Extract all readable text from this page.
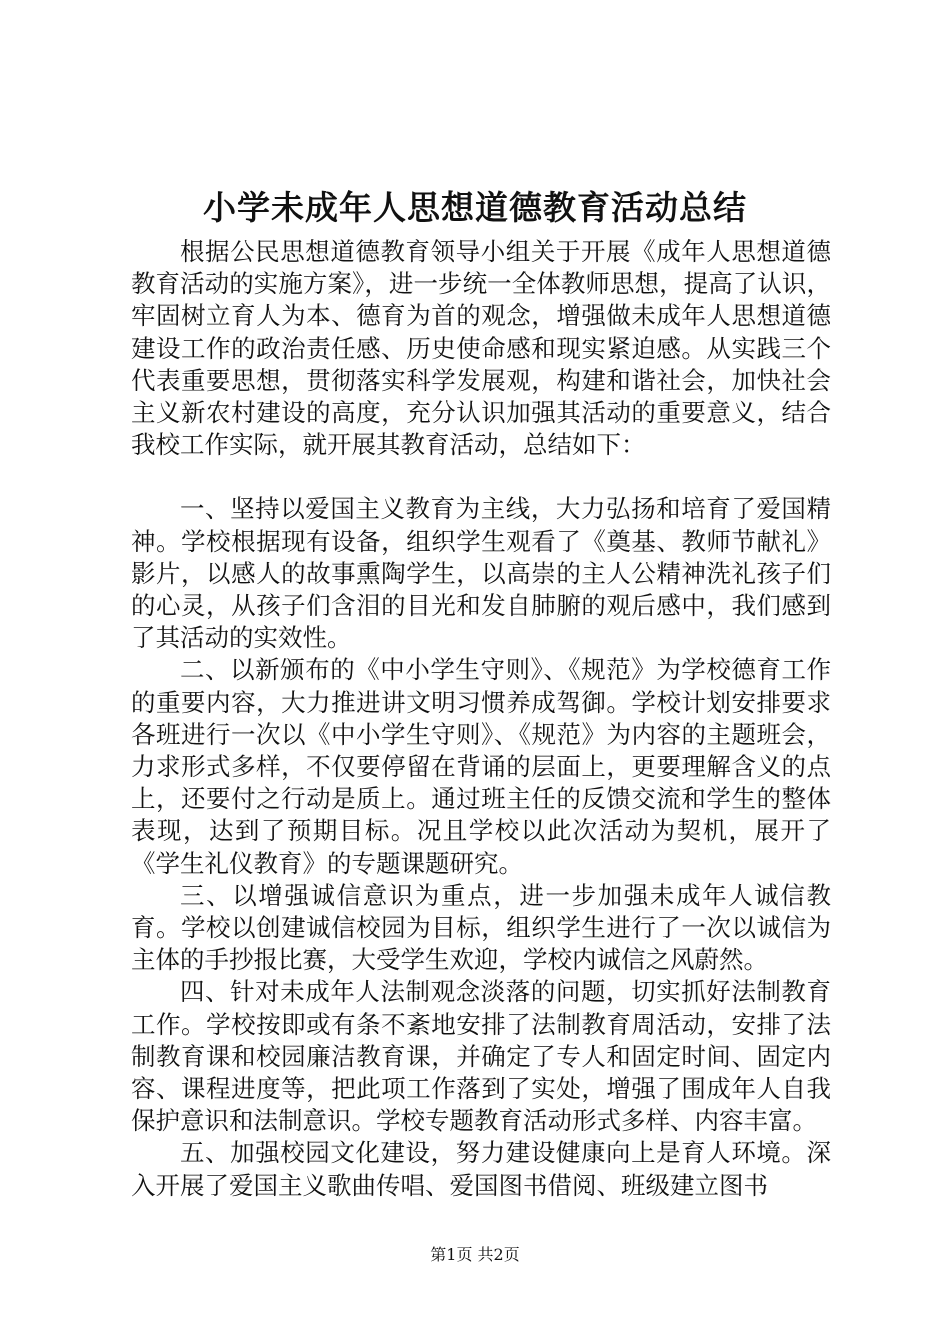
小学未成年人思想道德教育活动总结

根据公民思想道德教育领导小组关于开展《成年人思想道德教育活动的实施方案》，进一步统一全体教师思想，提高了认识，牢固树立育人为本、德育为首的观念，增强做未成年人思想道德建设工作的政治责任感、历史使命感和现实紧迫感。从实践三个代表重要思想，贯彻落实科学发展观，构建和谐社会，加快社会主义新农村建设的高度，充分认识加强其活动的重要意义，结合我校工作实际，就开展其教育活动，总结如下：

一、坚持以爱国主义教育为主线，大力弘扬和培育了爱国精神。学校根据现有设备，组织学生观看了《奠基、教师节献礼》影片，以感人的故事熏陶学生，以高崇的主人公精神洗礼孩子们的心灵，从孩子们含泪的目光和发自肺腑的观后感中，我们感到了其活动的实效性。

二、以新颁布的《中小学生守则》、《规范》为学校德育工作的重要内容，大力推进讲文明习惯养成驾御。学校计划安排要求各班进行一次以《中小学生守则》、《规范》为内容的主题班会，力求形式多样，不仅要停留在背诵的层面上，更要理解含义的点上，还要付之行动是质上。通过班主任的反馈交流和学生的整体表现，达到了预期目标。况且学校以此次活动为契机，展开了《学生礼仪教育》的专题课题研究。

三、以增强诚信意识为重点，进一步加强未成年人诚信教育。学校以创建诚信校园为目标，组织学生进行了一次以诚信为主体的手抄报比赛，大受学生欢迎，学校内诚信之风蔚然。

四、针对未成年人法制观念淡落的问题，切实抓好法制教育工作。学校按即或有条不紊地安排了法制教育周活动，安排了法制教育课和校园廉洁教育课，并确定了专人和固定时间、固定内容、课程进度等，把此项工作落到了实处，增强了围成年人自我保护意识和法制意识。学校专题教育活动形式多样、内容丰富。

五、加强校园文化建设，努力建设健康向上是育人环境。深入开展了爱国主义歌曲传唱、爱国图书借阅、班级建立图书

第1页 共2页
